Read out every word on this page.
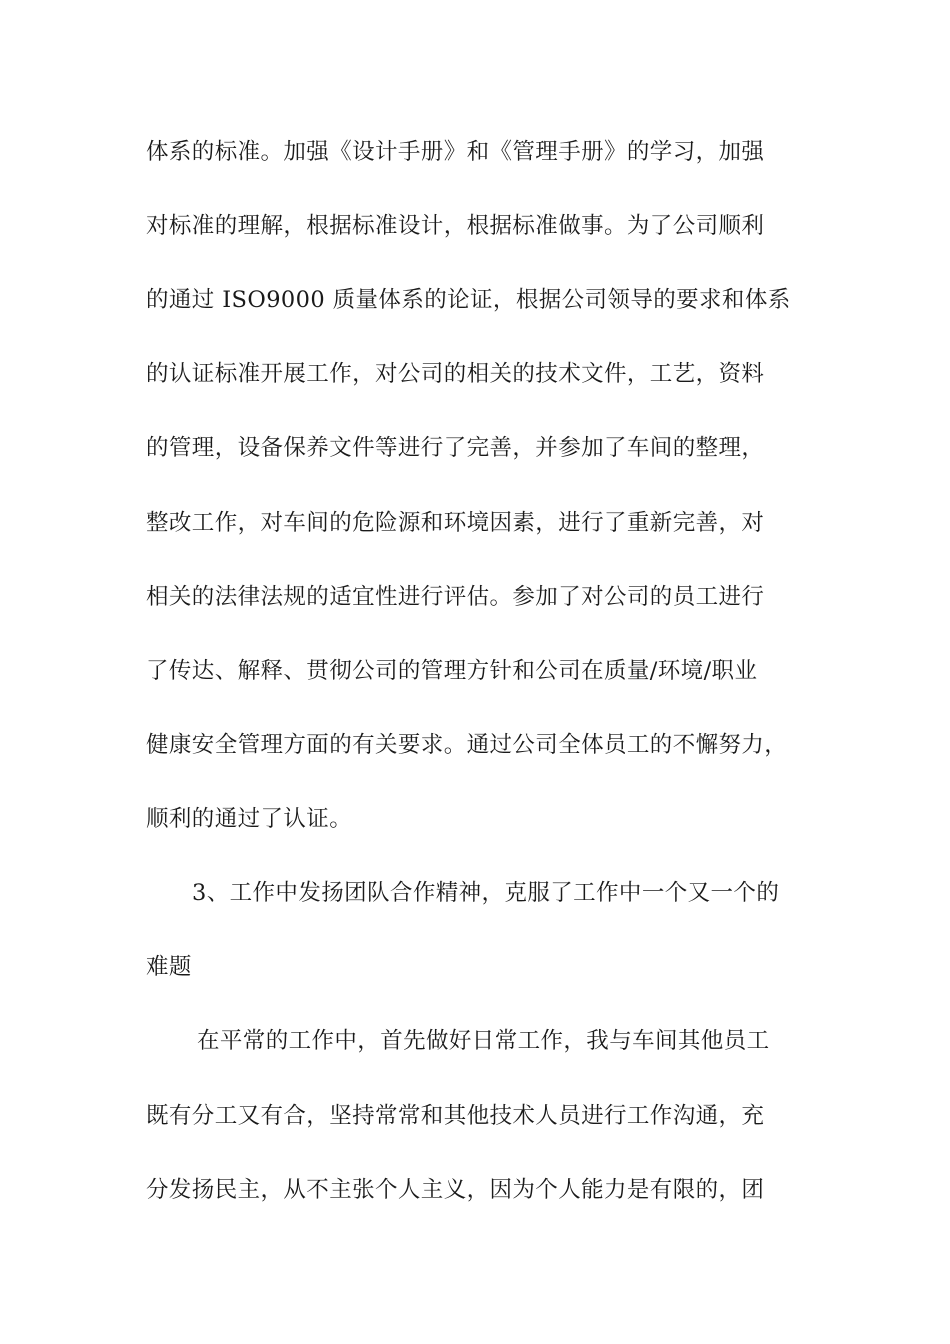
体系的标准。加强《设计手册》和《管理手册》的学习，加强
对标准的理解，根据标准设计，根据标准做事。为了公司顺利
的通过 ISO9000 质量体系的论证，根据公司领导的要求和体系
的认证标准开展工作，对公司的相关的技术文件，工艺，资料
的管理，设备保养文件等进行了完善，并参加了车间的整理，
整改工作，对车间的危险源和环境因素，进行了重新完善，对
相关的法律法规的适宜性进行评估。参加了对公司的员工进行
了传达、解释、贯彻公司的管理方针和公司在质量/环境/职业
健康安全管理方面的有关要求。通过公司全体员工的不懈努力，
顺利的通过了认证。
3、工作中发扬团队合作精神，克服了工作中一个又一个的
难题
在平常的工作中，首先做好日常工作，我与车间其他员工
既有分工又有合，坚持常常和其他技术人员进行工作沟通，充
分发扬民主，从不主张个人主义，因为个人能力是有限的，团
